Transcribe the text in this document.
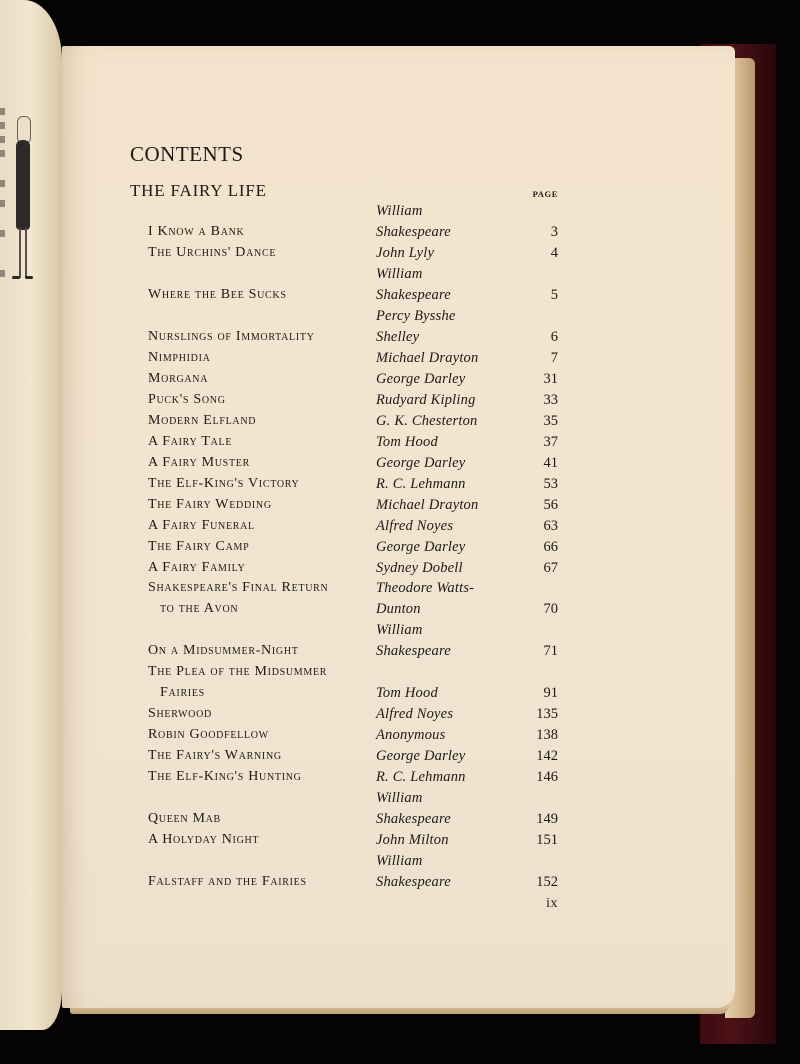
CONTENTS
THE FAIRY LIFE	PAGE
I Know a Bank
William Shakespeare	3
The Urchins' Dance	John Lyly	4
Where the Bee Sucks
William Shakespeare	5
Nurslings of Immortality
Percy Bysshe Shelley	6
Nimphidia	Michael Drayton	7
Morgana	George Darley	31
Puck's Song	Rudyard Kipling	33
Modern Elfland	G. K. Chesterton	35
A Fairy Tale	Tom Hood	37
A Fairy Muster	George Darley	41
The Elf-King's Victory	R. C. Lehmann	53
The Fairy Wedding	Michael Drayton	56
A Fairy Funeral	Alfred Noyes	63
The Fairy Camp	George Darley	66
A Fairy Family	Sydney Dobell	67
Shakespeare's Final Return
to the Avon
Theodore Watts-Dunton	70
On a Midsummer-Night
William Shakespeare	71
The Plea of the Midsummer
Fairies	Tom Hood	91
Sherwood	Alfred Noyes	135
Robin Goodfellow	Anonymous	138
The Fairy's Warning	George Darley	142
The Elf-King's Hunting	R. C. Lehmann	146
Queen Mab
William Shakespeare	149
A Holyday Night	John Milton	151
Falstaff and the Fairies
William Shakespeare	152
ix
